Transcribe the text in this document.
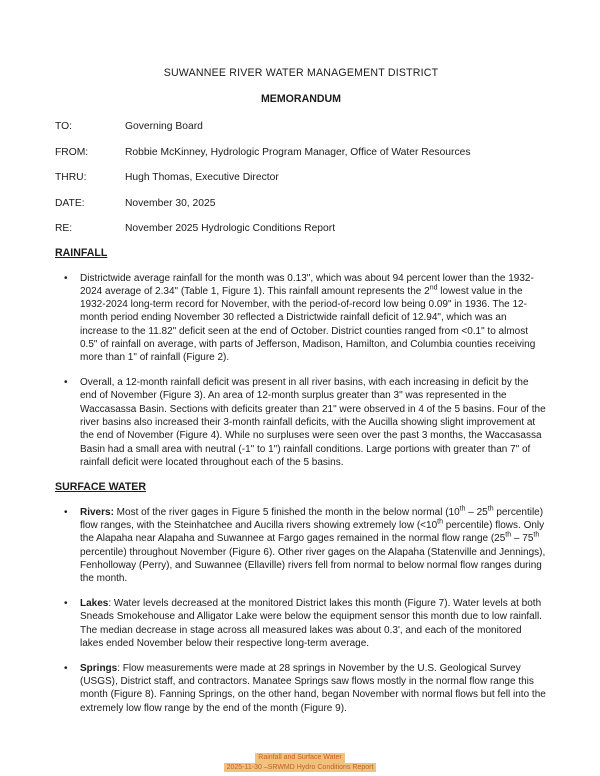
SUWANNEE RIVER WATER MANAGEMENT DISTRICT
MEMORANDUM
TO:	Governing Board
FROM:	Robbie McKinney, Hydrologic Program Manager, Office of Water Resources
THRU:	Hugh Thomas, Executive Director
DATE:	November 30, 2025
RE:	November 2025 Hydrologic Conditions Report
RAINFALL
• Districtwide average rainfall for the month was 0.13", which was about 94 percent lower than the 1932-2024 average of 2.34" (Table 1, Figure 1). This rainfall amount represents the 2nd lowest value in the 1932-2024 long-term record for November, with the period-of-record low being 0.09" in 1936. The 12-month period ending November 30 reflected a Districtwide rainfall deficit of 12.94", which was an increase to the 11.82" deficit seen at the end of October. District counties ranged from <0.1" to almost 0.5" of rainfall on average, with parts of Jefferson, Madison, Hamilton, and Columbia counties receiving more than 1" of rainfall (Figure 2).
• Overall, a 12-month rainfall deficit was present in all river basins, with each increasing in deficit by the end of November (Figure 3). An area of 12-month surplus greater than 3" was represented in the Waccasassa Basin. Sections with deficits greater than 21" were observed in 4 of the 5 basins. Four of the river basins also increased their 3-month rainfall deficits, with the Aucilla showing slight improvement at the end of November (Figure 4). While no surpluses were seen over the past 3 months, the Waccasassa Basin had a small area with neutral (-1" to 1") rainfall conditions. Large portions with greater than 7" of rainfall deficit were located throughout each of the 5 basins.
SURFACE WATER
• Rivers: Most of the river gages in Figure 5 finished the month in the below normal (10th – 25th percentile) flow ranges, with the Steinhatchee and Aucilla rivers showing extremely low (<10th percentile) flows. Only the Alapaha near Alapaha and Suwannee at Fargo gages remained in the normal flow range (25th – 75th percentile) throughout November (Figure 6). Other river gages on the Alapaha (Statenville and Jennings), Fenholloway (Perry), and Suwannee (Ellaville) rivers fell from normal to below normal flow ranges during the month.
• Lakes: Water levels decreased at the monitored District lakes this month (Figure 7). Water levels at both Sneads Smokehouse and Alligator Lake were below the equipment sensor this month due to low rainfall. The median decrease in stage across all measured lakes was about 0.3', and each of the monitored lakes ended November below their respective long-term average.
• Springs: Flow measurements were made at 28 springs in November by the U.S. Geological Survey (USGS), District staff, and contractors. Manatee Springs saw flows mostly in the normal flow range this month (Figure 8). Fanning Springs, on the other hand, began November with normal flows but fell into the extremely low flow range by the end of the month (Figure 9).
Rainfall and Surface Water
2025-11-30 –SRWMD Hydro Conditions Report
